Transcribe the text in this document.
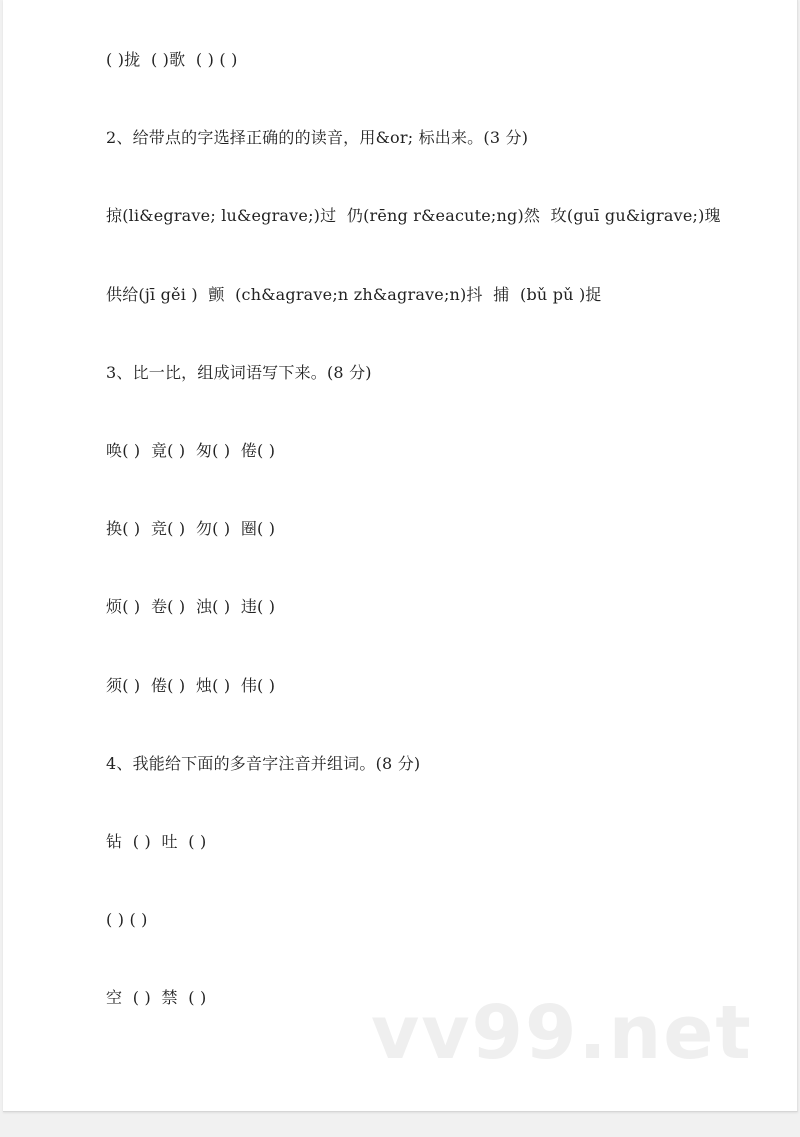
( )拢  ( )歌  ( ) ( )
2、给带点的字选择正确的的读音，用&or; 标出来。(3 分)
掠(li&egrave; lu&egrave;)过  仍(rēng r&eacute;ng)然  玫(guī gu&igrave;)瑰
供给(jī gěi )  颤  (ch&agrave;n zh&agrave;n)抖  捕  (bǔ pǔ )捉
3、比一比，组成词语写下来。(8 分)
唤( )  竟( )  匆( )  倦( )
换( )  竞( )  勿( )  圈( )
烦( )  卷( )  浊( )  违( )
须( )  倦( )  烛( )  伟( )
4、我能给下面的多音字注音并组词。(8 分)
钻  ( )  吐  ( )
( ) ( )
空  ( )  禁  ( ) vv99.net
